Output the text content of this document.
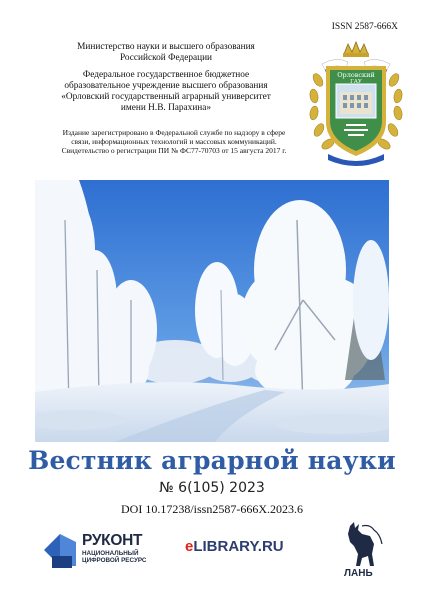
ISSN 2587-666X
Министерство науки и высшего образования
Российской Федерации
Федеральное государственное бюджетное
образовательное учреждение высшего образования
«Орловский государственный аграрный университет
имени Н.В. Парахина»
Издание зарегистрировано в Федеральной службе по надзору в сфере
связи, информационных технологий и массовых коммуникаций.
Свидетельство о регистрации ПИ № ФС77-70703 от 15 августа 2017 г.
Орловский
ГАУ
Вестник аграрной науки
№ 6(105) 2023
DOI 10.17238/issn2587-666X.2023.6
РУКОНТ
НАЦИОНАЛЬНЫЙ
ЦИФРОВОЙ РЕСУРС
eLIBRARY.RU
ЛАНЬ
